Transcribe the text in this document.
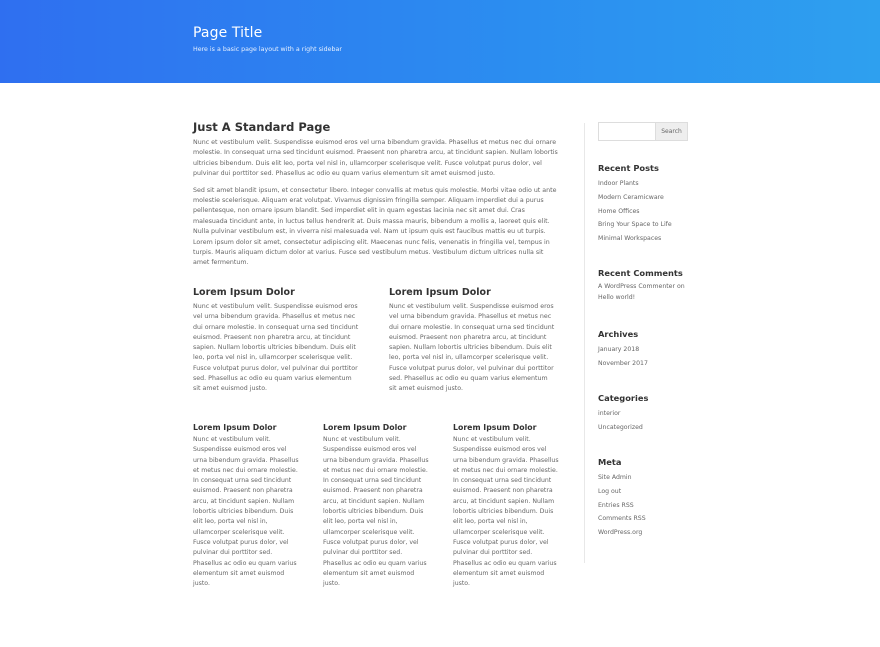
Page Title
Here is a basic page layout with a right sidebar
Just A Standard Page

Nunc et vestibulum velit. Suspendisse euismod eros vel urna bibendum gravida. Phasellus et metus nec dui ornare molestie. In consequat urna sed tincidunt euismod. Praesent non pharetra arcu, at tincidunt sapien. Nullam lobortis ultricies bibendum. Duis elit leo, porta vel nisl in, ullamcorper scelerisque velit. Fusce volutpat purus dolor, vel pulvinar dui porttitor sed. Phasellus ac odio eu quam varius elementum sit amet euismod justo.

Sed sit amet blandit ipsum, et consectetur libero. Integer convallis at metus quis molestie. Morbi vitae odio ut ante molestie scelerisque. Aliquam erat volutpat. Vivamus dignissim fringilla semper. Aliquam imperdiet dui a purus pellentesque, non ornare ipsum blandit. Sed imperdiet elit in quam egestas lacinia nec sit amet dui. Cras malesuada tincidunt ante, in luctus tellus hendrerit at. Duis massa mauris, bibendum a mollis a, laoreet quis elit. Nulla pulvinar vestibulum est, in viverra nisi malesuada vel. Nam ut ipsum quis est faucibus mattis eu ut turpis. Lorem ipsum dolor sit amet, consectetur adipiscing elit. Maecenas nunc felis, venenatis in fringilla vel, tempus in turpis. Mauris aliquam dictum dolor at varius. Fusce sed vestibulum metus. Vestibulum dictum ultrices nulla sit amet fermentum.

Lorem Ipsum Dolor

Nunc et vestibulum velit. Suspendisse euismod eros vel urna bibendum gravida. Phasellus et metus nec dui ornare molestie. In consequat urna sed tincidunt euismod. Praesent non pharetra arcu, at tincidunt sapien. Nullam lobortis ultricies bibendum. Duis elit leo, porta vel nisl in, ullamcorper scelerisque velit. Fusce volutpat purus dolor, vel pulvinar dui porttitor sed. Phasellus ac odio eu quam varius elementum sit amet euismod justo.

Lorem Ipsum Dolor

Nunc et vestibulum velit. Suspendisse euismod eros vel urna bibendum gravida. Phasellus et metus nec dui ornare molestie. In consequat urna sed tincidunt euismod. Praesent non pharetra arcu, at tincidunt sapien. Nullam lobortis ultricies bibendum. Duis elit leo, porta vel nisl in, ullamcorper scelerisque velit. Fusce volutpat purus dolor, vel pulvinar dui porttitor sed. Phasellus ac odio eu quam varius elementum sit amet euismod justo.

Lorem Ipsum Dolor

Nunc et vestibulum velit. Suspendisse euismod eros vel urna bibendum gravida. Phasellus et metus nec dui ornare molestie. In consequat urna sed tincidunt euismod. Praesent non pharetra arcu, at tincidunt sapien. Nullam lobortis ultricies bibendum. Duis elit leo, porta vel nisl in, ullamcorper scelerisque velit. Fusce volutpat purus dolor, vel pulvinar dui porttitor sed. Phasellus ac odio eu quam varius elementum sit amet euismod justo.

Lorem Ipsum Dolor

Nunc et vestibulum velit. Suspendisse euismod eros vel urna bibendum gravida. Phasellus et metus nec dui ornare molestie. In consequat urna sed tincidunt euismod. Praesent non pharetra arcu, at tincidunt sapien. Nullam lobortis ultricies bibendum. Duis elit leo, porta vel nisl in, ullamcorper scelerisque velit. Fusce volutpat purus dolor, vel pulvinar dui porttitor sed. Phasellus ac odio eu quam varius elementum sit amet euismod justo.

Lorem Ipsum Dolor

Nunc et vestibulum velit. Suspendisse euismod eros vel urna bibendum gravida. Phasellus et metus nec dui ornare molestie. In consequat urna sed tincidunt euismod. Praesent non pharetra arcu, at tincidunt sapien. Nullam lobortis ultricies bibendum. Duis elit leo, porta vel nisl in, ullamcorper scelerisque velit. Fusce volutpat purus dolor, vel pulvinar dui porttitor sed. Phasellus ac odio eu quam varius elementum sit amet euismod justo.

Search
Recent Posts
Indoor Plants
Modern Ceramicware
Home Offices
Bring Your Space to Life
Minimal Workspaces
Recent Comments

A WordPress Commenter on Hello world!

Archives
January 2018
November 2017
Categories
interior
Uncategorized
Meta
Site Admin
Log out
Entries RSS
Comments RSS
WordPress.org
